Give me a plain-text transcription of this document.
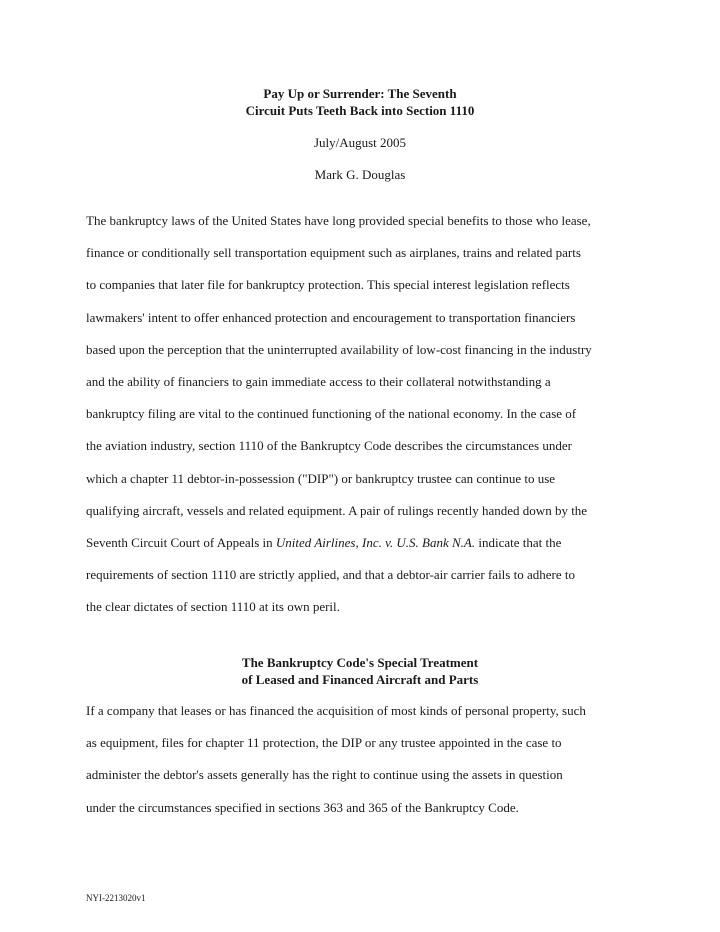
Pay Up or Surrender: The Seventh
Circuit Puts Teeth Back into Section 1110
July/August 2005
Mark G. Douglas
The bankruptcy laws of the United States have long provided special benefits to those who lease,
finance or conditionally sell transportation equipment such as airplanes, trains and related parts
to companies that later file for bankruptcy protection. This special interest legislation reflects
lawmakers' intent to offer enhanced protection and encouragement to transportation financiers
based upon the perception that the uninterrupted availability of low-cost financing in the industry
and the ability of financiers to gain immediate access to their collateral notwithstanding a
bankruptcy filing are vital to the continued functioning of the national economy. In the case of
the aviation industry, section 1110 of the Bankruptcy Code describes the circumstances under
which a chapter 11 debtor-in-possession ("DIP") or bankruptcy trustee can continue to use
qualifying aircraft, vessels and related equipment. A pair of rulings recently handed down by the
Seventh Circuit Court of Appeals in United Airlines, Inc. v. U.S. Bank N.A. indicate that the
requirements of section 1110 are strictly applied, and that a debtor-air carrier fails to adhere to
the clear dictates of section 1110 at its own peril.
The Bankruptcy Code's Special Treatment
of Leased and Financed Aircraft and Parts
If a company that leases or has financed the acquisition of most kinds of personal property, such
as equipment, files for chapter 11 protection, the DIP or any trustee appointed in the case to
administer the debtor's assets generally has the right to continue using the assets in question
under the circumstances specified in sections 363 and 365 of the Bankruptcy Code.
NYI-2213020v1
